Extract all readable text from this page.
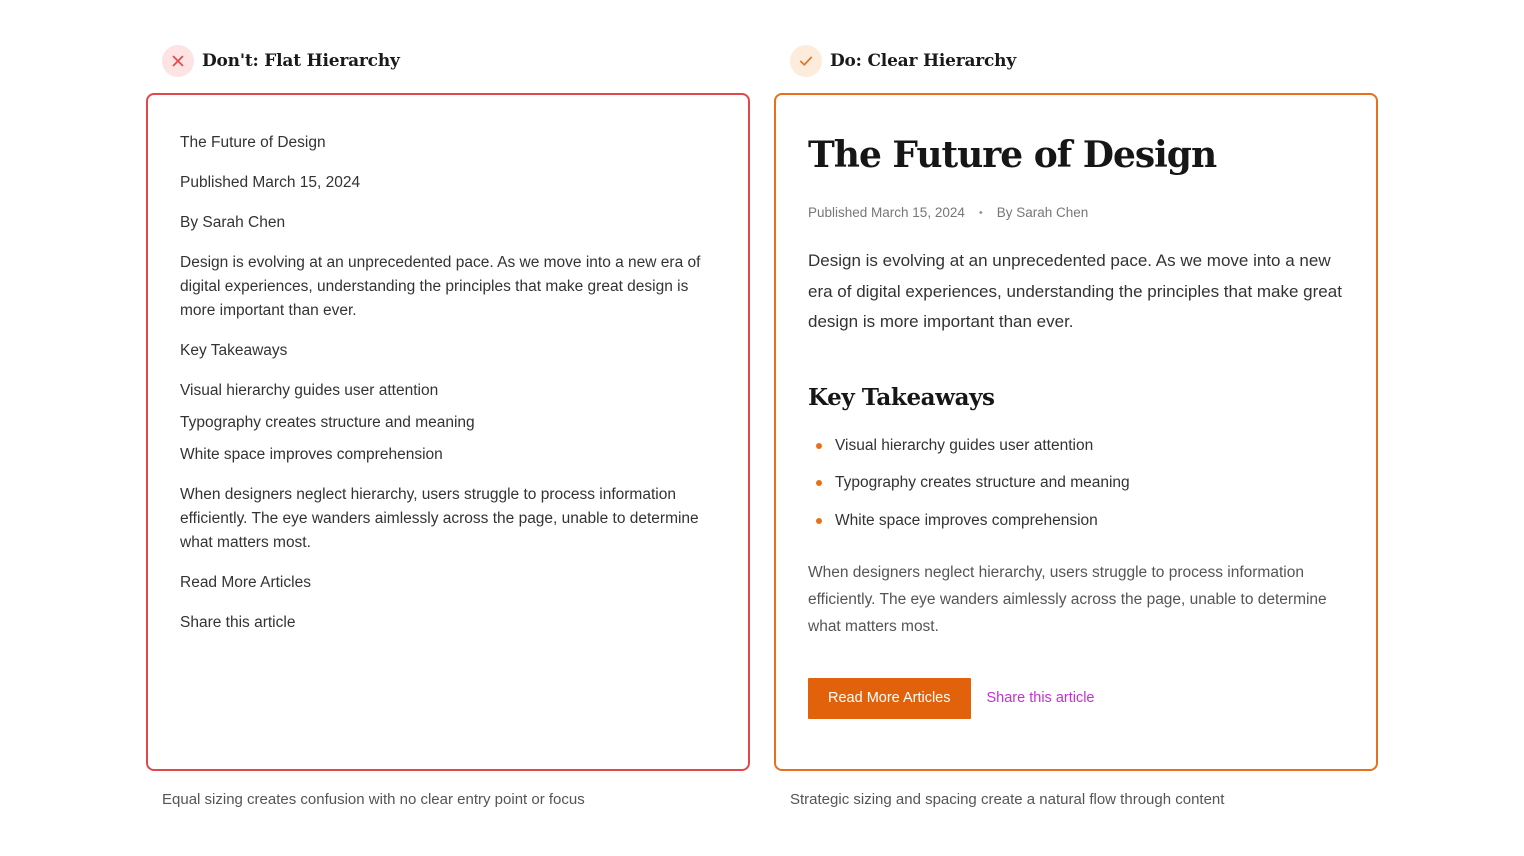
Don't: Flat Hierarchy

The Future of Design

Published March 15, 2024

By Sarah Chen

Design is evolving at an unprecedented pace. As we move into a new era of digital experiences, understanding the principles that make great design is more important than ever.

Key Takeaways

Visual hierarchy guides user attention
Typography creates structure and meaning
White space improves comprehension

When designers neglect hierarchy, users struggle to process information efficiently. The eye wanders aimlessly across the page, unable to determine what matters most.

Read More Articles

Share this article

Equal sizing creates confusion with no clear entry point or focus
Do: Clear Hierarchy
The Future of Design
Published March 15, 2024 • By Sarah Chen

Design is evolving at an unprecedented pace. As we move into a new era of digital experiences, understanding the principles that make great design is more important than ever.

Key Takeaways
Visual hierarchy guides user attention
Typography creates structure and meaning
White space improves comprehension

When designers neglect hierarchy, users struggle to process information efficiently. The eye wanders aimlessly across the page, unable to determine what matters most.

Read More Articles	Share this article
Strategic sizing and spacing create a natural flow through content
